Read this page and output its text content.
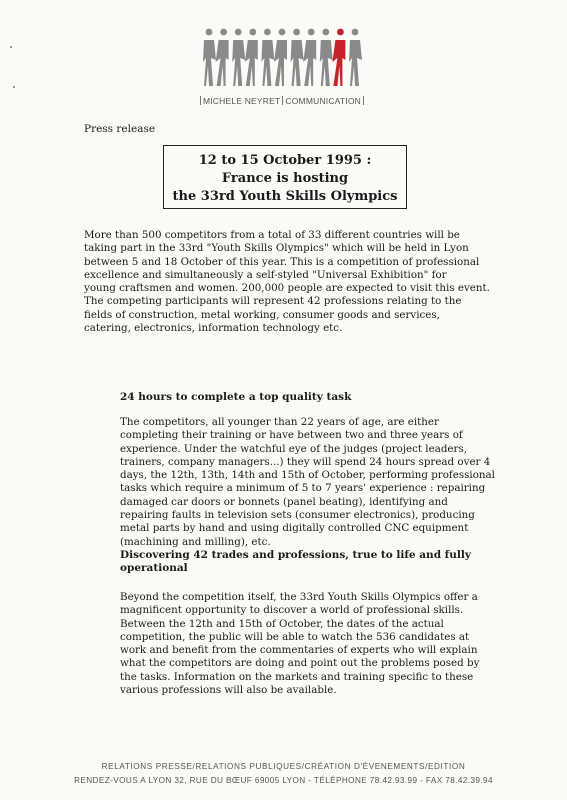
MICHELE NEYRET COMMUNICATION
Press release
12 to 15 October 1995 :
France is hosting
the 33rd Youth Skills Olympics
More than 500 competitors from a total of 33 different countries will be
taking part in the 33rd "Youth Skills Olympics" which will be held in Lyon
between 5 and 18 October of this year. This is a competition of professional
excellence and simultaneously a self-styled "Universal Exhibition" for
young craftsmen and women. 200,000 people are expected to visit this event.
The competing participants will represent 42 professions relating to the
fields of construction, metal working, consumer goods and services,
catering, electronics, information technology etc.
24 hours to complete a top quality task
The competitors, all younger than 22 years of age, are either
completing their training or have between two and three years of
experience. Under the watchful eye of the judges (project leaders,
trainers, company managers...) they will spend 24 hours spread over 4
days, the 12th, 13th, 14th and 15th of October, performing professional
tasks which require a minimum of 5 to 7 years' experience : repairing
damaged car doors or bonnets (panel beating), identifying and
repairing faults in television sets (consumer electronics), producing
metal parts by hand and using digitally controlled CNC equipment
(machining and milling), etc.
Discovering 42 trades and professions, true to life and fully
operational
Beyond the competition itself, the 33rd Youth Skills Olympics offer a
magnificent opportunity to discover a world of professional skills.
Between the 12th and 15th of October, the dates of the actual
competition, the public will be able to watch the 536 candidates at
work and benefit from the commentaries of experts who will explain
what the competitors are doing and point out the problems posed by
the tasks. Information on the markets and training specific to these
various professions will also be available.
RELATIONS PRESSE/RELATIONS PUBLIQUES/CRÉATION D'ÉVENEMENTS/EDITION
RENDEZ-VOUS A LYON 32, RUE DU BŒUF 69005 LYON - TÉLÉPHONE 78.42.93.99 - FAX 78.42.39.94
